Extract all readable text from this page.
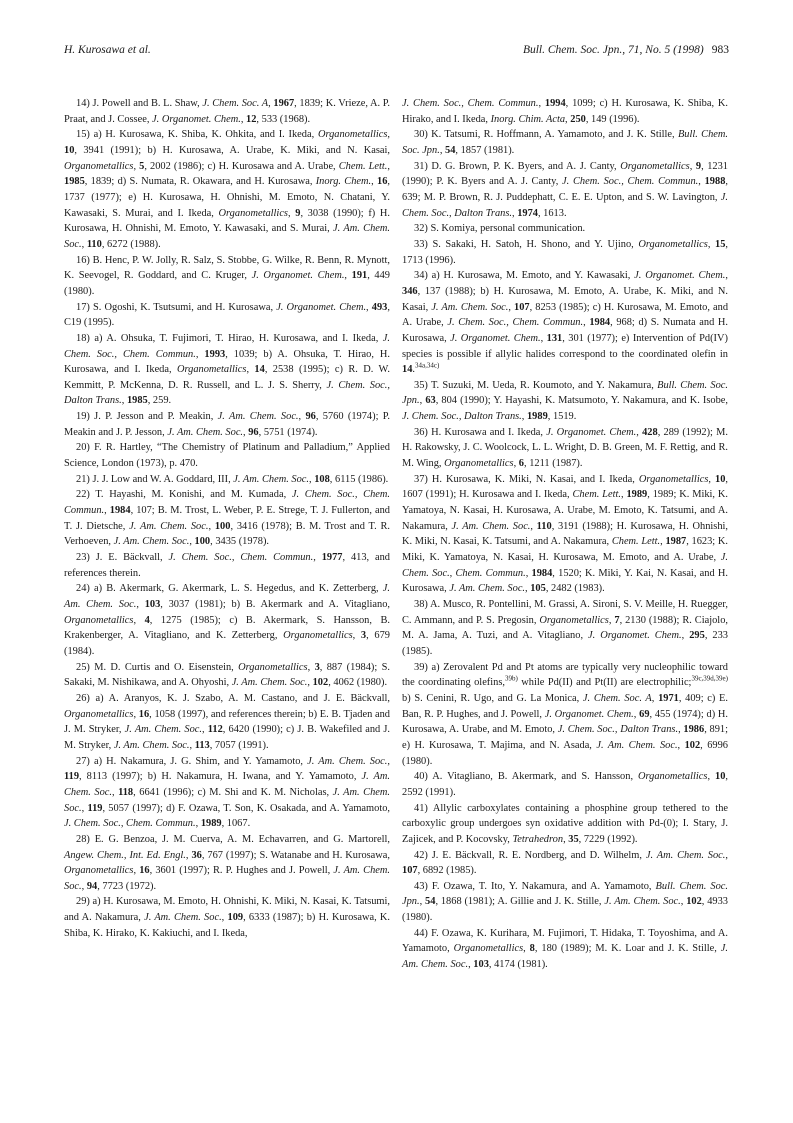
H. Kurosawa et al.	Bull. Chem. Soc. Jpn., 71, No. 5 (1998) 983

14) J. Powell and B. L. Shaw, J. Chem. Soc. A, 1967, 1839; K. Vrieze, A. P. Praat, and J. Cossee, J. Organomet. Chem., 12, 533 (1968).

15) a) H. Kurosawa, K. Shiba, K. Ohkita, and I. Ikeda, Organometallics, 10, 3941 (1991); b) H. Kurosawa, A. Urabe, K. Miki, and N. Kasai, Organometallics, 5, 2002 (1986); c) H. Kurosawa and A. Urabe, Chem. Lett., 1985, 1839; d) S. Numata, R. Okawara, and H. Kurosawa, Inorg. Chem., 16, 1737 (1977); e) H. Kurosawa, H. Ohnishi, M. Emoto, N. Chatani, Y. Kawasaki, S. Murai, and I. Ikeda, Organometallics, 9, 3038 (1990); f) H. Kurosawa, H. Ohnishi, M. Emoto, Y. Kawasaki, and S. Murai, J. Am. Chem. Soc., 110, 6272 (1988).

16) B. Henc, P. W. Jolly, R. Salz, S. Stobbe, G. Wilke, R. Benn, R. Mynott, K. Seevogel, R. Goddard, and C. Kruger, J. Organomet. Chem., 191, 449 (1980).

17) S. Ogoshi, K. Tsutsumi, and H. Kurosawa, J. Organomet. Chem., 493, C19 (1995).

18) a) A. Ohsuka, T. Fujimori, T. Hirao, H. Kurosawa, and I. Ikeda, J. Chem. Soc., Chem. Commun., 1993, 1039; b) A. Ohsuka, T. Hirao, H. Kurosawa, and I. Ikeda, Organometallics, 14, 2538 (1995); c) R. D. W. Kemmitt, P. McKenna, D. R. Russell, and L. J. S. Sherry, J. Chem. Soc., Dalton Trans., 1985, 259.

19) J. P. Jesson and P. Meakin, J. Am. Chem. Soc., 96, 5760 (1974); P. Meakin and J. P. Jesson, J. Am. Chem. Soc., 96, 5751 (1974).

20) F. R. Hartley, “The Chemistry of Platinum and Palladium,” Applied Science, London (1973), p. 470.

21) J. J. Low and W. A. Goddard, III, J. Am. Chem. Soc., 108, 6115 (1986).

22) T. Hayashi, M. Konishi, and M. Kumada, J. Chem. Soc., Chem. Commun., 1984, 107; B. M. Trost, L. Weber, P. E. Strege, T. J. Fullerton, and T. J. Dietsche, J. Am. Chem. Soc., 100, 3416 (1978); B. M. Trost and T. R. Verhoeven, J. Am. Chem. Soc., 100, 3435 (1978).

23) J. E. Bäckvall, J. Chem. Soc., Chem. Commun., 1977, 413, and references therein.

24) a) B. Akermark, G. Akermark, L. S. Hegedus, and K. Zetterberg, J. Am. Chem. Soc., 103, 3037 (1981); b) B. Akermark and A. Vitagliano, Organometallics, 4, 1275 (1985); c) B. Akermark, S. Hansson, B. Krakenberger, A. Vitagliano, and K. Zetterberg, Organometallics, 3, 679 (1984).

25) M. D. Curtis and O. Eisenstein, Organometallics, 3, 887 (1984); S. Sakaki, M. Nishikawa, and A. Ohyoshi, J. Am. Chem. Soc., 102, 4062 (1980).

26) a) A. Aranyos, K. J. Szabo, A. M. Castano, and J. E. Bäckvall, Organometallics, 16, 1058 (1997), and references therein; b) E. B. Tjaden and J. M. Stryker, J. Am. Chem. Soc., 112, 6420 (1990); c) J. B. Wakefiled and J. M. Stryker, J. Am. Chem. Soc., 113, 7057 (1991).

27) a) H. Nakamura, J. G. Shim, and Y. Yamamoto, J. Am. Chem. Soc., 119, 8113 (1997); b) H. Nakamura, H. Iwana, and Y. Yamamoto, J. Am. Chem. Soc., 118, 6641 (1996); c) M. Shi and K. M. Nicholas, J. Am. Chem. Soc., 119, 5057 (1997); d) F. Ozawa, T. Son, K. Osakada, and A. Yamamoto, J. Chem. Soc., Chem. Commun., 1989, 1067.

28) E. G. Benzoa, J. M. Cuerva, A. M. Echavarren, and G. Martorell, Angew. Chem., Int. Ed. Engl., 36, 767 (1997); S. Watanabe and H. Kurosawa, Organometallics, 16, 3601 (1997); R. P. Hughes and J. Powell, J. Am. Chem. Soc., 94, 7723 (1972).

29) a) H. Kurosawa, M. Emoto, H. Ohnishi, K. Miki, N. Kasai, K. Tatsumi, and A. Nakamura, J. Am. Chem. Soc., 109, 6333 (1987); b) H. Kurosawa, K. Shiba, K. Hirako, K. Kakiuchi, and I. Ikeda,

J. Chem. Soc., Chem. Commun., 1994, 1099; c) H. Kurosawa, K. Shiba, K. Hirako, and I. Ikeda, Inorg. Chim. Acta, 250, 149 (1996).

30) K. Tatsumi, R. Hoffmann, A. Yamamoto, and J. K. Stille, Bull. Chem. Soc. Jpn., 54, 1857 (1981).

31) D. G. Brown, P. K. Byers, and A. J. Canty, Organometallics, 9, 1231 (1990); P. K. Byers and A. J. Canty, J. Chem. Soc., Chem. Commun., 1988, 639; M. P. Brown, R. J. Puddephatt, C. E. E. Upton, and S. W. Lavington, J. Chem. Soc., Dalton Trans., 1974, 1613.

32) S. Komiya, personal communication.

33) S. Sakaki, H. Satoh, H. Shono, and Y. Ujino, Organometallics, 15, 1713 (1996).

34) a) H. Kurosawa, M. Emoto, and Y. Kawasaki, J. Organomet. Chem., 346, 137 (1988); b) H. Kurosawa, M. Emoto, A. Urabe, K. Miki, and N. Kasai, J. Am. Chem. Soc., 107, 8253 (1985); c) H. Kurosawa, M. Emoto, and A. Urabe, J. Chem. Soc., Chem. Commun., 1984, 968; d) S. Numata and H. Kurosawa, J. Organomet. Chem., 131, 301 (1977); e) Intervention of Pd(IV) species is possible if allylic halides correspond to the coordinated olefin in 14.$^{34a,34c)}$

35) T. Suzuki, M. Ueda, R. Koumoto, and Y. Nakamura, Bull. Chem. Soc. Jpn., 63, 804 (1990); Y. Hayashi, K. Matsumoto, Y. Nakamura, and K. Isobe, J. Chem. Soc., Dalton Trans., 1989, 1519.

36) H. Kurosawa and I. Ikeda, J. Organomet. Chem., 428, 289 (1992); M. H. Rakowsky, J. C. Woolcock, L. L. Wright, D. B. Green, M. F. Rettig, and R. M. Wing, Organometallics, 6, 1211 (1987).

37) H. Kurosawa, K. Miki, N. Kasai, and I. Ikeda, Organometallics, 10, 1607 (1991); H. Kurosawa and I. Ikeda, Chem. Lett., 1989, 1989; K. Miki, K. Yamatoya, N. Kasai, H. Kurosawa, A. Urabe, M. Emoto, K. Tatsumi, and A. Nakamura, J. Am. Chem. Soc., 110, 3191 (1988); H. Kurosawa, H. Ohnishi, K. Miki, N. Kasai, K. Tatsumi, and A. Nakamura, Chem. Lett., 1987, 1623; K. Miki, K. Yamatoya, N. Kasai, H. Kurosawa, M. Emoto, and A. Urabe, J. Chem. Soc., Chem. Commun., 1984, 1520; K. Miki, Y. Kai, N. Kasai, and H. Kurosawa, J. Am. Chem. Soc., 105, 2482 (1983).

38) A. Musco, R. Pontellini, M. Grassi, A. Sironi, S. V. Meille, H. Ruegger, C. Ammann, and P. S. Pregosin, Organometallics, 7, 2130 (1988); R. Ciajolo, M. A. Jama, A. Tuzi, and A. Vitagliano, J. Organomet. Chem., 295, 233 (1985).

39) a) Zerovalent Pd and Pt atoms are typically very nucleophilic toward the coordinating olefins,$^{39b)}$ while Pd(II) and Pt(II) are electrophilic;$^{39c,39d,39e)}$ b) S. Cenini, R. Ugo, and G. La Monica, J. Chem. Soc. A, 1971, 409; c) E. Ban, R. P. Hughes, and J. Powell, J. Organomet. Chem., 69, 455 (1974); d) H. Kurosawa, A. Urabe, and M. Emoto, J. Chem. Soc., Dalton Trans., 1986, 891; e) H. Kurosawa, T. Majima, and N. Asada, J. Am. Chem. Soc., 102, 6996 (1980).

40) A. Vitagliano, B. Akermark, and S. Hansson, Organometallics, 10, 2592 (1991).

41) Allylic carboxylates containing a phosphine group tethered to the carboxylic group undergoes syn oxidative addition with Pd-(0); I. Stary, J. Zajicek, and P. Kocovsky, Tetrahedron, 35, 7229 (1992).

42) J. E. Bäckvall, R. E. Nordberg, and D. Wilhelm, J. Am. Chem. Soc., 107, 6892 (1985).

43) F. Ozawa, T. Ito, Y. Nakamura, and A. Yamamoto, Bull. Chem. Soc. Jpn., 54, 1868 (1981); A. Gillie and J. K. Stille, J. Am. Chem. Soc., 102, 4933 (1980).

44) F. Ozawa, K. Kurihara, M. Fujimori, T. Hidaka, T. Toyoshima, and A. Yamamoto, Organometallics, 8, 180 (1989); M. K. Loar and J. K. Stille, J. Am. Chem. Soc., 103, 4174 (1981).
